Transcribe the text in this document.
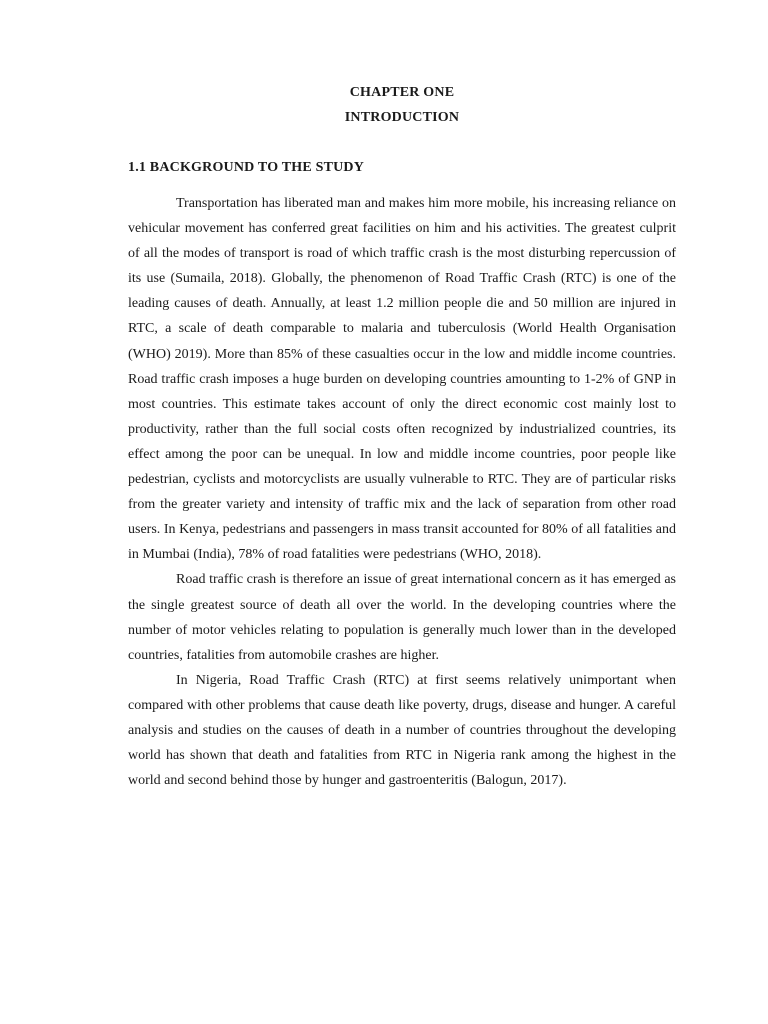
CHAPTER ONE
INTRODUCTION
1.1 BACKGROUND TO THE STUDY

Transportation has liberated man and makes him more mobile, his increasing reliance on vehicular movement has conferred great facilities on him and his activities. The greatest culprit of all the modes of transport is road of which traffic crash is the most disturbing repercussion of its use (Sumaila, 2018). Globally, the phenomenon of Road Traffic Crash (RTC) is one of the leading causes of death. Annually, at least 1.2 million people die and 50 million are injured in RTC, a scale of death comparable to malaria and tuberculosis (World Health Organisation (WHO) 2019). More than 85% of these casualties occur in the low and middle income countries. Road traffic crash imposes a huge burden on developing countries amounting to 1-2% of GNP in most countries. This estimate takes account of only the direct economic cost mainly lost to productivity, rather than the full social costs often recognized by industrialized countries, its effect among the poor can be unequal. In low and middle income countries, poor people like pedestrian, cyclists and motorcyclists are usually vulnerable to RTC. They are of particular risks from the greater variety and intensity of traffic mix and the lack of separation from other road users. In Kenya, pedestrians and passengers in mass transit accounted for 80% of all fatalities and in Mumbai (India), 78% of road fatalities were pedestrians (WHO, 2018).

Road traffic crash is therefore an issue of great international concern as it has emerged as the single greatest source of death all over the world. In the developing countries where the number of motor vehicles relating to population is generally much lower than in the developed countries, fatalities from automobile crashes are higher.

In Nigeria, Road Traffic Crash (RTC) at first seems relatively unimportant when compared with other problems that cause death like poverty, drugs, disease and hunger. A careful analysis and studies on the causes of death in a number of countries throughout the developing world has shown that death and fatalities from RTC in Nigeria rank among the highest in the world and second behind those by hunger and gastroenteritis (Balogun, 2017).
